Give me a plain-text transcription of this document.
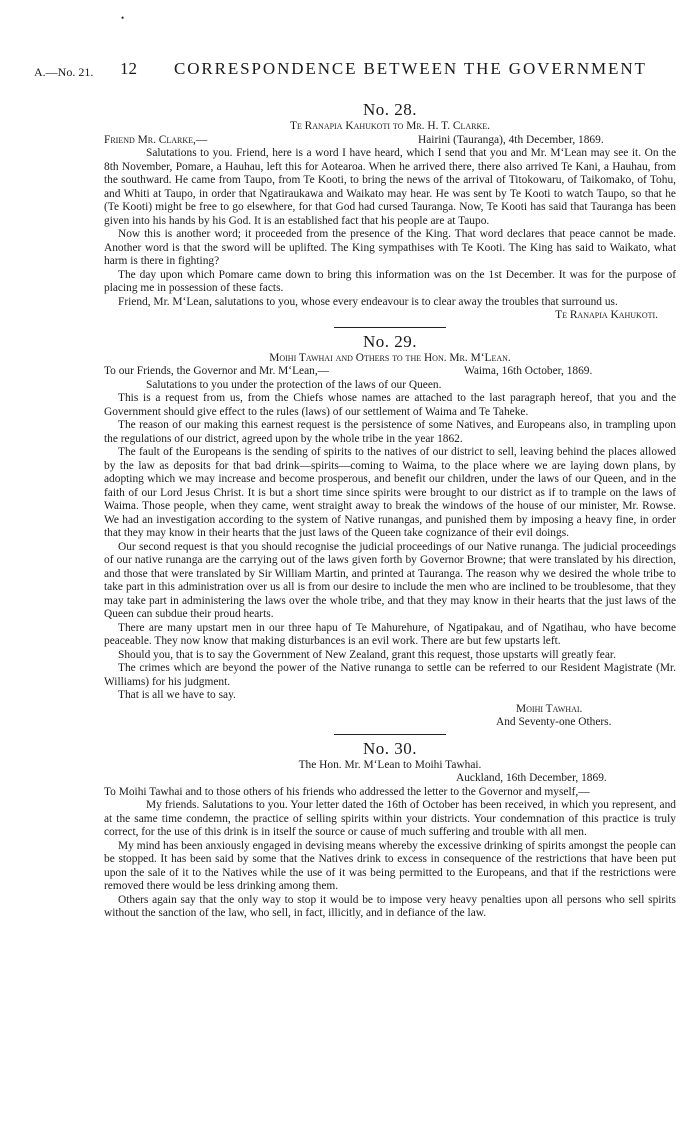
•
A.—No. 21. 12 CORRESPONDENCE BETWEEN THE GOVERNMENT
No. 28.
Te Ranapia Kahukoti to Mr. H. T. Clarke.
Friend Mr. Clarke,—	Hairini (Tauranga), 4th December, 1869.

Salutations to you. Friend, here is a word I have heard, which I send that you and Mr. M‘Lean may see it. On the 8th November, Pomare, a Hauhau, left this for Aotearoa. When he arrived there, there also arrived Te Kani, a Hauhau, from the southward. He came from Taupo, from Te Kooti, to bring the news of the arrival of Titokowaru, of Taikomako, of Tohu, and Whiti at Taupo, in order that Ngatiraukawa and Waikato may hear. He was sent by Te Kooti to watch Taupo, so that he (Te Kooti) might be free to go elsewhere, for that God had cursed Tauranga. Now, Te Kooti has said that Tauranga has been given into his hands by his God. It is an established fact that his people are at Taupo.

Now this is another word; it proceeded from the presence of the King. That word declares that peace cannot be made. Another word is that the sword will be uplifted. The King sympathises with Te Kooti. The King has said to Waikato, what harm is there in fighting?

The day upon which Pomare came down to bring this information was on the 1st December. It was for the purpose of placing me in possession of these facts.

Friend, Mr. M‘Lean, salutations to you, whose every endeavour is to clear away the troubles that surround us.

Te Ranapia Kahukoti.
No. 29.
Moihi Tawhai and Others to the Hon. Mr. M‘Lean.
To our Friends, the Governor and Mr. M‘Lean,—	Waima, 16th October, 1869.

Salutations to you under the protection of the laws of our Queen.

This is a request from us, from the Chiefs whose names are attached to the last paragraph hereof, that you and the Government should give effect to the rules (laws) of our settlement of Waima and Te Taheke.

The reason of our making this earnest request is the persistence of some Natives, and Europeans also, in trampling upon the regulations of our district, agreed upon by the whole tribe in the year 1862.

The fault of the Europeans is the sending of spirits to the natives of our district to sell, leaving behind the places allowed by the law as deposits for that bad drink—spirits—coming to Waima, to the place where we are laying down plans, by adopting which we may increase and become prosperous, and benefit our children, under the laws of our Queen, and in the faith of our Lord Jesus Christ. It is but a short time since spirits were brought to our district as if to trample on the laws of Waima. Those people, when they came, went straight away to break the windows of the house of our minister, Mr. Rowse. We had an investigation according to the system of Native runangas, and punished them by imposing a heavy fine, in order that they may know in their hearts that the just laws of the Queen take cognizance of their evil doings.

Our second request is that you should recognise the judicial proceedings of our Native runanga. The judicial proceedings of our native runanga are the carrying out of the laws given forth by Governor Browne; that were translated by his direction, and those that were translated by Sir William Martin, and printed at Tauranga. The reason why we desired the whole tribe to take part in this administration over us all is from our desire to include the men who are inclined to be troublesome, that they may take part in administering the laws over the whole tribe, and that they may know in their hearts that the just laws of the Queen can subdue their proud hearts.

There are many upstart men in our three hapu of Te Mahurehure, of Ngatipakau, and of Ngatihau, who have become peaceable. They now know that making disturbances is an evil work. There are but few upstarts left.

Should you, that is to say the Government of New Zealand, grant this request, those upstarts will greatly fear.

The crimes which are beyond the power of the Native runanga to settle can be referred to our Resident Magistrate (Mr. Williams) for his judgment.

That is all we have to say.

Moihi Tawhai.
And Seventy-one Others.
No. 30.
The Hon. Mr. M‘Lean to Moihi Tawhai.
Auckland, 16th December, 1869.

To Moihi Tawhai and to those others of his friends who addressed the letter to the Governor and myself,—

My friends. Salutations to you. Your letter dated the 16th of October has been received, in which you represent, and at the same time condemn, the practice of selling spirits within your districts. Your condemnation of this practice is truly correct, for the use of this drink is in itself the source or cause of much suffering and trouble with all men.

My mind has been anxiously engaged in devising means whereby the excessive drinking of spirits amongst the people can be stopped. It has been said by some that the Natives drink to excess in consequence of the restrictions that have been put upon the sale of it to the Natives while the use of it was being permitted to the Europeans, and that if the restrictions were removed there would be less drinking among them.

Others again say that the only way to stop it would be to impose very heavy penalties upon all persons who sell spirits without the sanction of the law, who sell, in fact, illicitly, and in defiance of the law.
